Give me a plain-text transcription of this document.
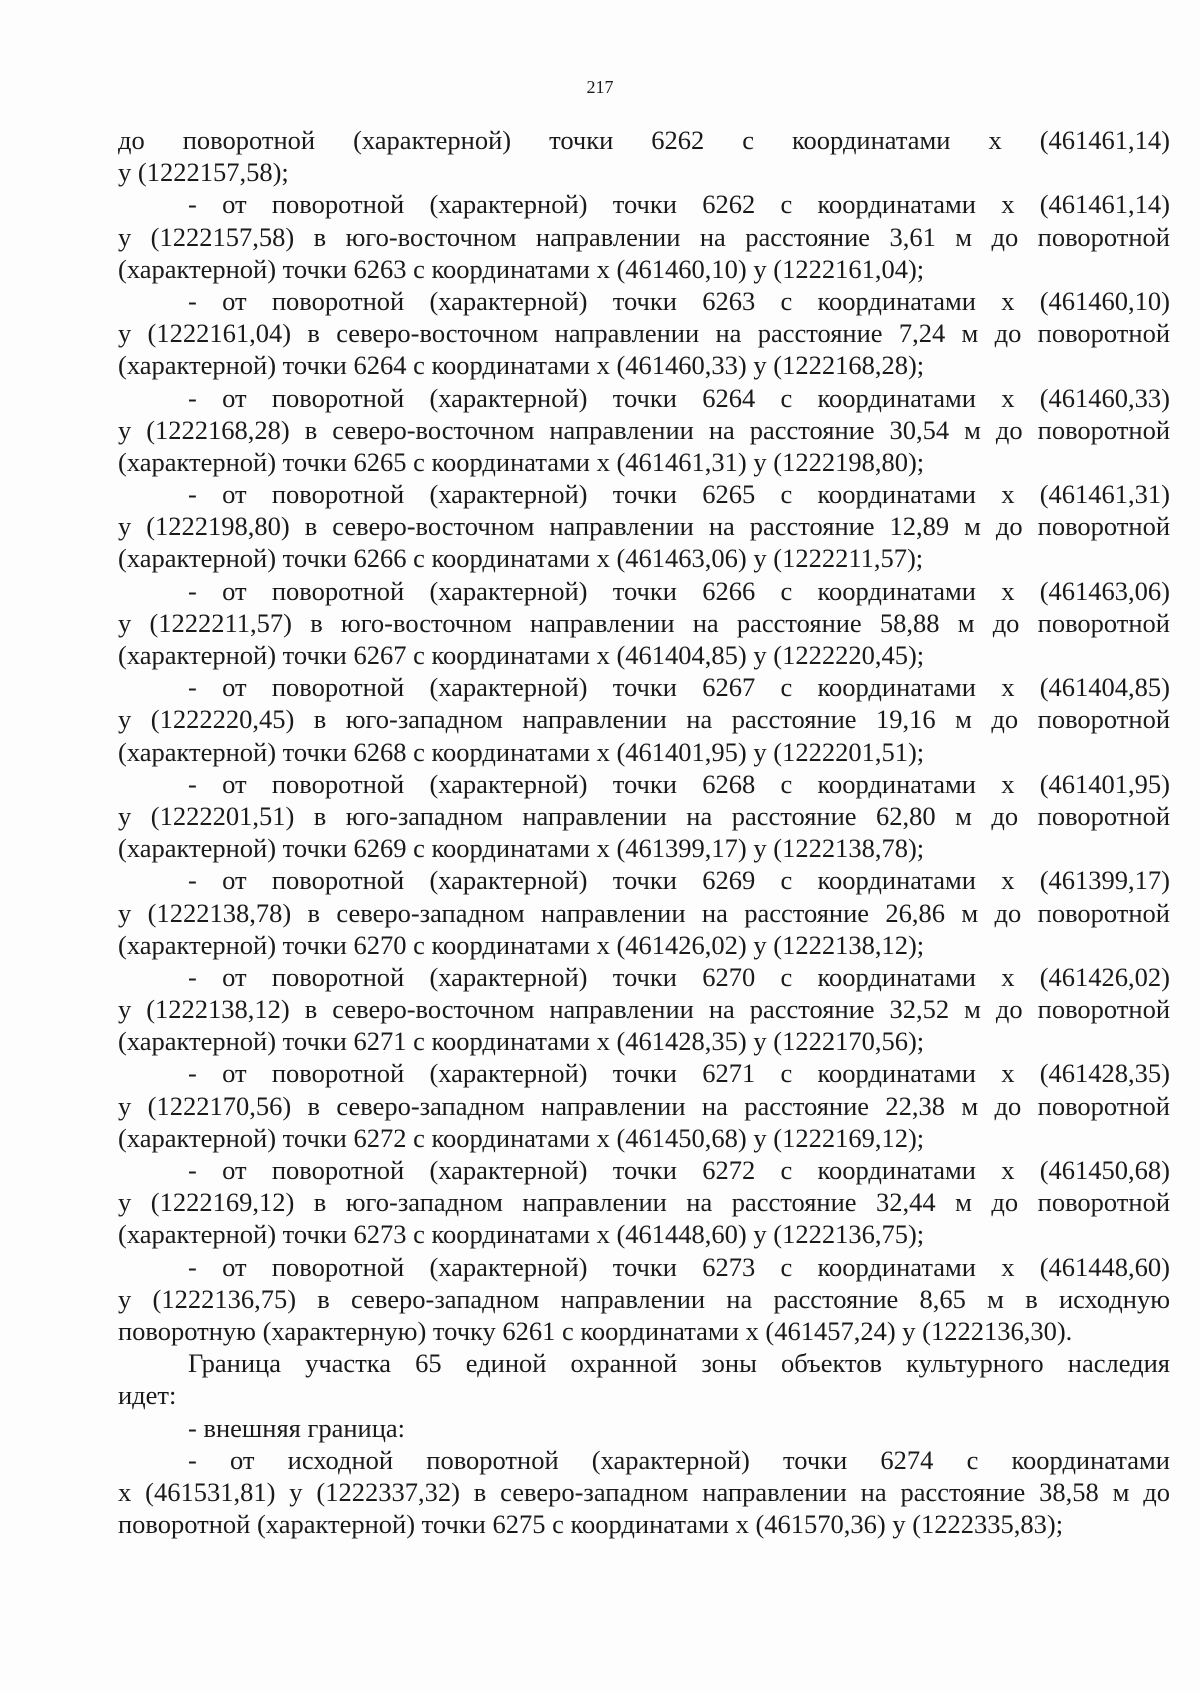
217
до поворотной (характерной) точки 6262 с координатами х (461461,14)
у (1222157,58);
- от поворотной (характерной) точки 6262 с координатами х (461461,14)
у (1222157,58) в юго-восточном направлении на расстояние 3,61 м до поворотной
(характерной) точки 6263 с координатами х (461460,10) у (1222161,04);
- от поворотной (характерной) точки 6263 с координатами х (461460,10)
у (1222161,04) в северо-восточном направлении на расстояние 7,24 м до поворотной
(характерной) точки 6264 с координатами х (461460,33) у (1222168,28);
- от поворотной (характерной) точки 6264 с координатами х (461460,33)
у (1222168,28) в северо-восточном направлении на расстояние 30,54 м до поворотной
(характерной) точки 6265 с координатами х (461461,31) у (1222198,80);
- от поворотной (характерной) точки 6265 с координатами х (461461,31)
у (1222198,80) в северо-восточном направлении на расстояние 12,89 м до поворотной
(характерной) точки 6266 с координатами х (461463,06) у (1222211,57);
- от поворотной (характерной) точки 6266 с координатами х (461463,06)
у (1222211,57) в юго-восточном направлении на расстояние 58,88 м до поворотной
(характерной) точки 6267 с координатами х (461404,85) у (1222220,45);
- от поворотной (характерной) точки 6267 с координатами х (461404,85)
у (1222220,45) в юго-западном направлении на расстояние 19,16 м до поворотной
(характерной) точки 6268 с координатами х (461401,95) у (1222201,51);
- от поворотной (характерной) точки 6268 с координатами х (461401,95)
у (1222201,51) в юго-западном направлении на расстояние 62,80 м до поворотной
(характерной) точки 6269 с координатами х (461399,17) у (1222138,78);
- от поворотной (характерной) точки 6269 с координатами х (461399,17)
у (1222138,78) в северо-западном направлении на расстояние 26,86 м до поворотной
(характерной) точки 6270 с координатами х (461426,02) у (1222138,12);
- от поворотной (характерной) точки 6270 с координатами х (461426,02)
у (1222138,12) в северо-восточном направлении на расстояние 32,52 м до поворотной
(характерной) точки 6271 с координатами х (461428,35) у (1222170,56);
- от поворотной (характерной) точки 6271 с координатами х (461428,35)
у (1222170,56) в северо-западном направлении на расстояние 22,38 м до поворотной
(характерной) точки 6272 с координатами х (461450,68) у (1222169,12);
- от поворотной (характерной) точки 6272 с координатами х (461450,68)
у (1222169,12) в юго-западном направлении на расстояние 32,44 м до поворотной
(характерной) точки 6273 с координатами х (461448,60) у (1222136,75);
- от поворотной (характерной) точки 6273 с координатами х (461448,60)
у (1222136,75) в северо-западном направлении на расстояние 8,65 м в исходную
поворотную (характерную) точку 6261 с координатами х (461457,24) у (1222136,30).
Граница участка 65 единой охранной зоны объектов культурного наследия
идет:
- внешняя граница:
- от исходной поворотной (характерной) точки 6274 с координатами
х (461531,81) у (1222337,32) в северо-западном направлении на расстояние 38,58 м до
поворотной (характерной) точки 6275 с координатами х (461570,36) у (1222335,83);
